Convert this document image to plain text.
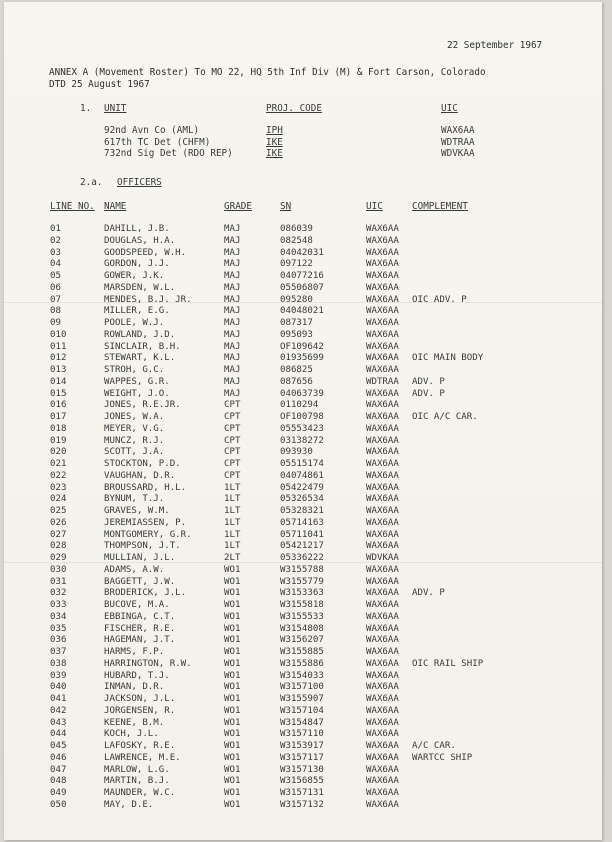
22 September 1967
ANNEX A (Movement Roster) To MO 22, HQ 5th Inf Div (M) & Fort Carson, Colorado
DTD 25 August 1967
1. UNIT	PROJ. CODE	UIC
92nd Avn Co (AML)	IPH	WAX6AA
617th TC Det (CHFM)	IKE	WDTRAA
732nd Sig Det (RDO REP)	IKE	WDVKAA
2.a. OFFICERS
LINE NO. NAME	GRADE	SN	UIC	COMPLEMENT
01	DAHILL, J.B.	MAJ	086039	WAX6AA
02	DOUGLAS, H.A.	MAJ	082548	WAX6AA
03	GOODSPEED, W.H.	MAJ	04042031	WAX6AA
04	GORDON, J.J.	MAJ	097122	WAX6AA
05	GOWER, J.K.	MAJ	04077216	WAX6AA
06	MARSDEN, W.L.	MAJ	05506807	WAX6AA
07	MENDES, B.J. JR.	MAJ	095280	WAX6AA OIC ADV. P
08	MILLER, E.G.	MAJ	04048021	WAX6AA
09	POOLE, W.J.	MAJ	087317	WAX6AA
010	ROWLAND, J.D.	MAJ	095093	WAX6AA
011	SINCLAIR, B.H.	MAJ	OF109642	WAX6AA
012	STEWART, K.L.	MAJ	01935699	WAX6AA OIC MAIN BODY
013	STROH, G.C.	MAJ	086825	WAX6AA
014	WAPPES, G.R.	MAJ	087656	WDTRAA ADV. P
015	WEIGHT, J.O.	MAJ	04063739	WAX6AA ADV. P
016	JONES, R.E.JR.	CPT	0110294	WAX6AA
017	JONES, W.A.	CPT	OF100798	WAX6AA OIC A/C CAR.
018	MEYER, V.G.	CPT	05553423	WAX6AA
019	MUNCZ, R.J.	CPT	03138272	WAX6AA
020	SCOTT, J.A.	CPT	093930	WAX6AA
021	STOCKTON, P.D.	CPT	05515174	WAX6AA
022	VAUGHAN, D.R.	CPT	04074861	WAX6AA
023	BROUSSARD, H.L.	1LT	05422479	WAX6AA
024	BYNUM, T.J.	1LT	05326534	WAX6AA
025	GRAVES, W.M.	1LT	05328321	WAX6AA
026	JEREMIASSEN, P.	1LT	05714163	WAX6AA
027	MONTGOMERY, G.R.	1LT	05711041	WAX6AA
028	THOMPSON, J.T.	1LT	05421217	WAX6AA
029	MULLIAN, J.L.	2LT	05336222	WDVKAA
030	ADAMS, A.W.	WO1	W3155788	WAX6AA
031	BAGGETT, J.W.	WO1	W3155779	WAX6AA
032	BRODERICK, J.L.	WO1	W3153363	WAX6AA ADV. P
033	BUCOVE, M.A.	WO1	W3155818	WAX6AA
034	EBBINGA, C.T.	WO1	W3155533	WAX6AA
035	FISCHER, R.E.	WO1	W3154808	WAX6AA
036	HAGEMAN, J.T.	WO1	W3156207	WAX6AA
037	HARMS, F.P.	WO1	W3155885	WAX6AA
038	HARRINGTON, R.W.	WO1	W3155886	WAX6AA OIC RAIL SHIP
039	HUBARD, T.J.	WO1	W3154033	WAX6AA
040	INMAN, D.R.	WO1	W3157100	WAX6AA
041	JACKSON, J.L.	WO1	W3155907	WAX6AA
042	JORGENSEN, R.	WO1	W3157104	WAX6AA
043	KEENE, B.M.	WO1	W3154847	WAX6AA
044	KOCH, J.L.	WO1	W3157110	WAX6AA
045	LAFOSKY, R.E.	WO1	W3153917	WAX6AA A/C CAR.
046	LAWRENCE, M.E.	WO1	W3157117	WAX6AA WARTCC SHIP
047	MARLOW, L.G.	WO1	W3157130	WAX6AA
048	MARTIN, B.J.	WO1	W3156855	WAX6AA
049	MAUNDER, W.C.	WO1	W3157131	WAX6AA
050	MAY, D.E.	WO1	W3157132	WAX6AA
